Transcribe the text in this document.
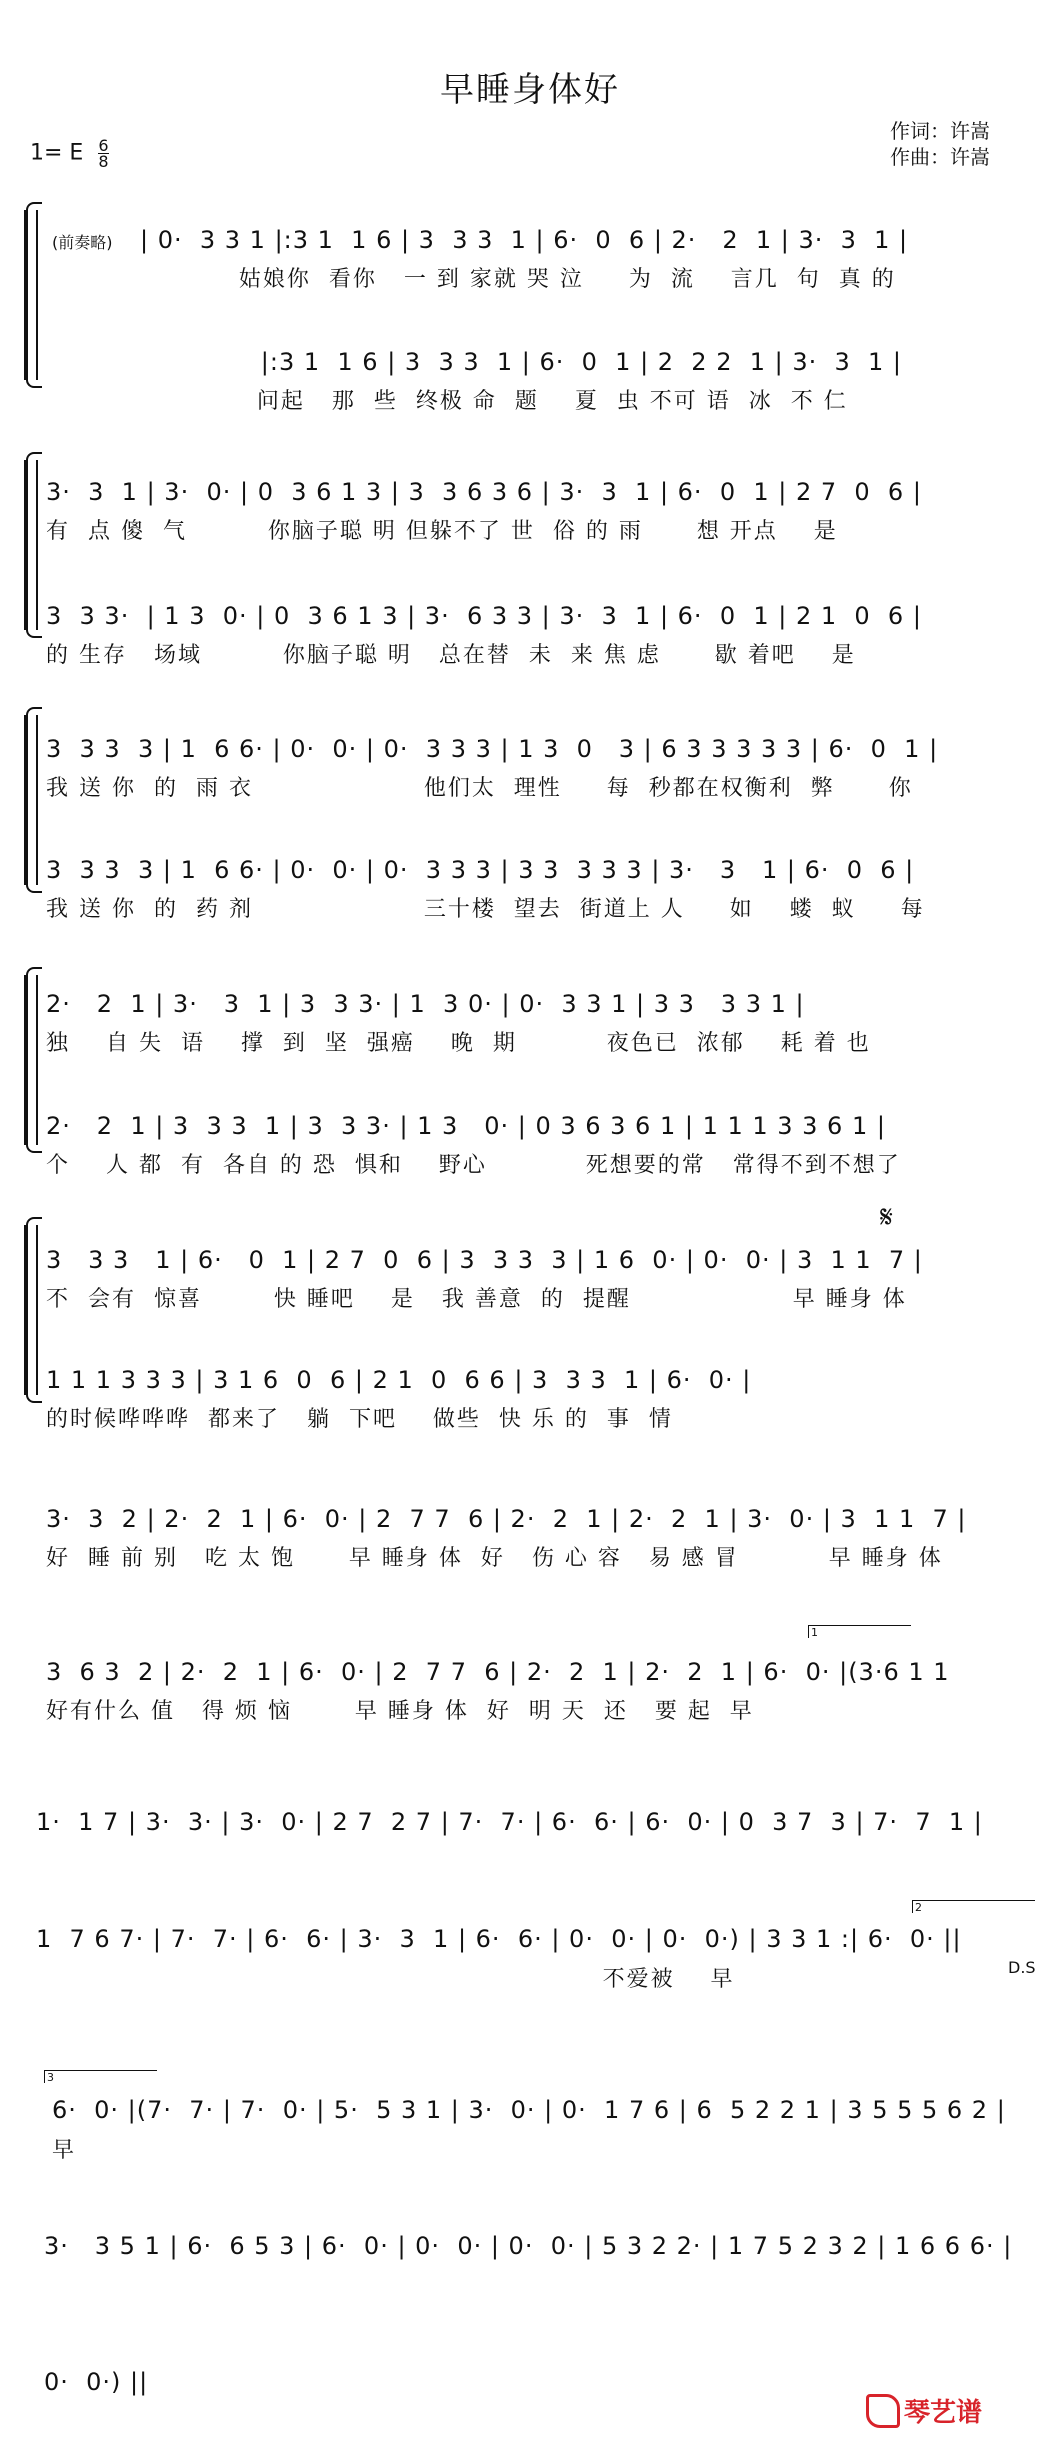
早睡身体好
作词：许嵩
作曲：许嵩
1= E $\frac{6}{8}$
(前奏略) | 0·  3 3 1 |:3 1  1 6 | 3  3 3  1 | 6·  0  6 | 2·   2  1 | 3·  3  1 |
姑娘你  看你   一 到 家就 哭 泣     为  流    言几  句  真 的
|:3 1  1 6 | 3  3 3  1 | 6·  0  1 | 2  2 2  1 | 3·  3  1 |
问起   那  些  终极 命  题    夏  虫 不可 语  冰  不 仁
3·  3  1 | 3·  0· | 0  3 6 1 3 | 3  3 6 3 6 | 3·  3  1 | 6·  0  1 | 2 7  0  6 |
有  点 傻  气         你脑子聪 明 但躲不了 世  俗 的 雨      想 开点    是
3  3 3·  | 1 3  0· | 0  3 6 1 3 | 3·  6 3 3 | 3·  3  1 | 6·  0  1 | 2 1  0  6 |
的 生存   场域         你脑子聪 明   总在替  未  来 焦 虑      歇 着吧    是
3  3 3  3 | 1  6 6· | 0·  0· | 0·  3 3 3 | 1 3  0   3 | 6 3 3 3 3 3 | 6·  0  1 |
我 送 你  的  雨 衣                   他们太  理性     每  秒都在权衡利  弊      你
3  3 3  3 | 1  6 6· | 0·  0· | 0·  3 3 3 | 3 3  3 3 3 | 3·   3   1 | 6·  0  6 |
我 送 你  的  药 剂                   三十楼  望去  街道上 人     如    蝼  蚁     每
2·   2  1 | 3·   3  1 | 3  3 3· | 1  3 0· | 0·  3 3 1 | 3 3   3 3 1 |
独    自 失  语    撑  到  坚  强癌    晚  期          夜色已  浓郁    耗 着 也
2·   2  1 | 3  3 3  1 | 3  3 3· | 1 3   0· | 0 3 6 3 6 1 | 1 1 1 3 3 6 1 |
个    人 都  有  各自 的 恐  惧和    野心           死想要的常   常得不到不想了
𝄋
3   3 3   1 | 6·   0  1 | 2 7  0  6 | 3  3 3  3 | 1 6  0· | 0·  0· | 3  1 1  7 |
不  会有  惊喜        快 睡吧    是   我 善意  的  提醒                  早 睡身 体
1 1 1 3 3 3 | 3 1 6  0  6 | 2 1  0  6 6 | 3  3 3  1 | 6·  0· |
的时候哗哗哗  都来了   躺  下吧    做些  快 乐 的  事  情
3·  3  2 | 2·  2  1 | 6·  0· | 2  7 7  6 | 2·  2  1 | 2·  2  1 | 3·  0· | 3  1 1  7 |
好  睡 前 别   吃 太 饱      早 睡身 体  好   伤 心 容   易 感 冒          早 睡身 体
1
3  6 3  2 | 2·  2  1 | 6·  0· | 2  7 7  6 | 2·  2  1 | 2·  2  1 | 6·  0· |(3·6 1 1
好有什么 值   得 烦 恼       早 睡身 体  好  明 天  还   要 起  早
1·  1 7 | 3·  3· | 3·  0· | 2 7  2 7 | 7·  7· | 6·  6· | 6·  0· | 0  3 7  3 | 7·  7  1 |
2
1  7 6 7· | 7·  7· | 6·  6· | 3·  3  1 | 6·  6· | 0·  0· | 0·  0·) | 3 3 1 :| 6·  0· ||
不爱被    早	D.S
3
6·  0· |(7·  7· | 7·  0· | 5·  5 3 1 | 3·  0· | 0·  1 7 6 | 6  5 2 2 1 | 3 5 5 5 6 2 |
早
3·   3 5 1 | 6·  6 5 3 | 6·  0· | 0·  0· | 0·  0· | 5 3 2 2· | 1 7 5 2 3 2 | 1 6 6 6· |
0·  0·) ||
琴艺谱
